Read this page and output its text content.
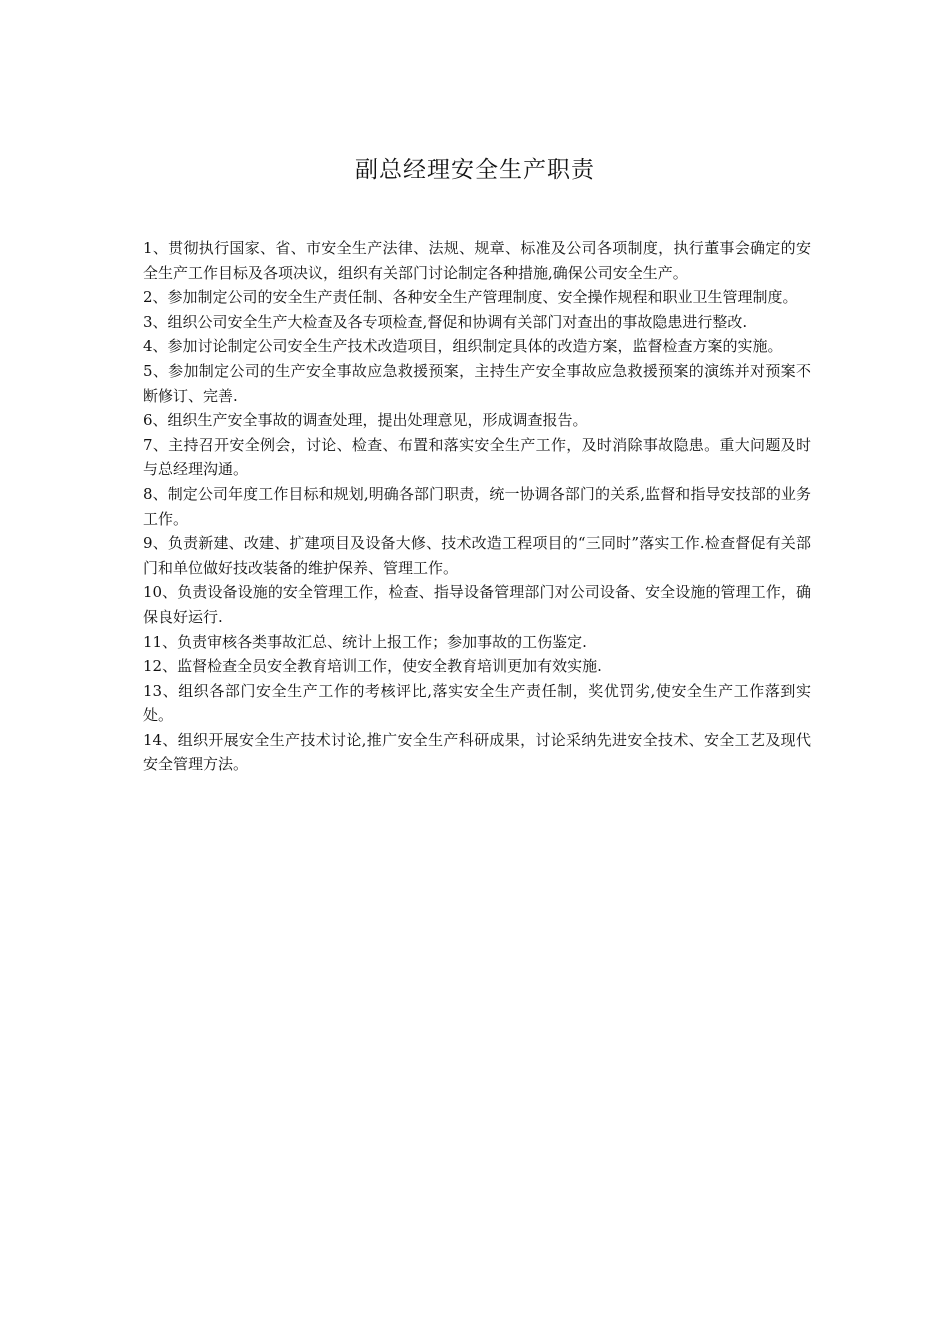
副总经理安全生产职责
1、贯彻执行国家、省、市安全生产法律、法规、规章、标准及公司各项制度，执行董事会确定的安全生产工作目标及各项决议，组织有关部门讨论制定各种措施,确保公司安全生产。
2、参加制定公司的安全生产责任制、各种安全生产管理制度、安全操作规程和职业卫生管理制度。
3、组织公司安全生产大检查及各专项检查,督促和协调有关部门对查出的事故隐患进行整改.
4、参加讨论制定公司安全生产技术改造项目，组织制定具体的改造方案，监督检查方案的实施。
5、参加制定公司的生产安全事故应急救援预案，主持生产安全事故应急救援预案的演练并对预案不断修订、完善.
6、组织生产安全事故的调查处理，提出处理意见，形成调查报告。
7、主持召开安全例会，讨论、检查、布置和落实安全生产工作，及时消除事故隐患。重大问题及时与总经理沟通。
8、制定公司年度工作目标和规划,明确各部门职责，统一协调各部门的关系,监督和指导安技部的业务工作。
9、负责新建、改建、扩建项目及设备大修、技术改造工程项目的“三同时”落实工作.检查督促有关部门和单位做好技改装备的维护保养、管理工作。
10、负责设备设施的安全管理工作，检查、指导设备管理部门对公司设备、安全设施的管理工作，确保良好运行.
11、负责审核各类事故汇总、统计上报工作；参加事故的工伤鉴定.
12、监督检查全员安全教育培训工作，使安全教育培训更加有效实施.
13、组织各部门安全生产工作的考核评比,落实安全生产责任制，奖优罚劣,使安全生产工作落到实处。
14、组织开展安全生产技术讨论,推广安全生产科研成果，讨论采纳先进安全技术、安全工艺及现代安全管理方法。
